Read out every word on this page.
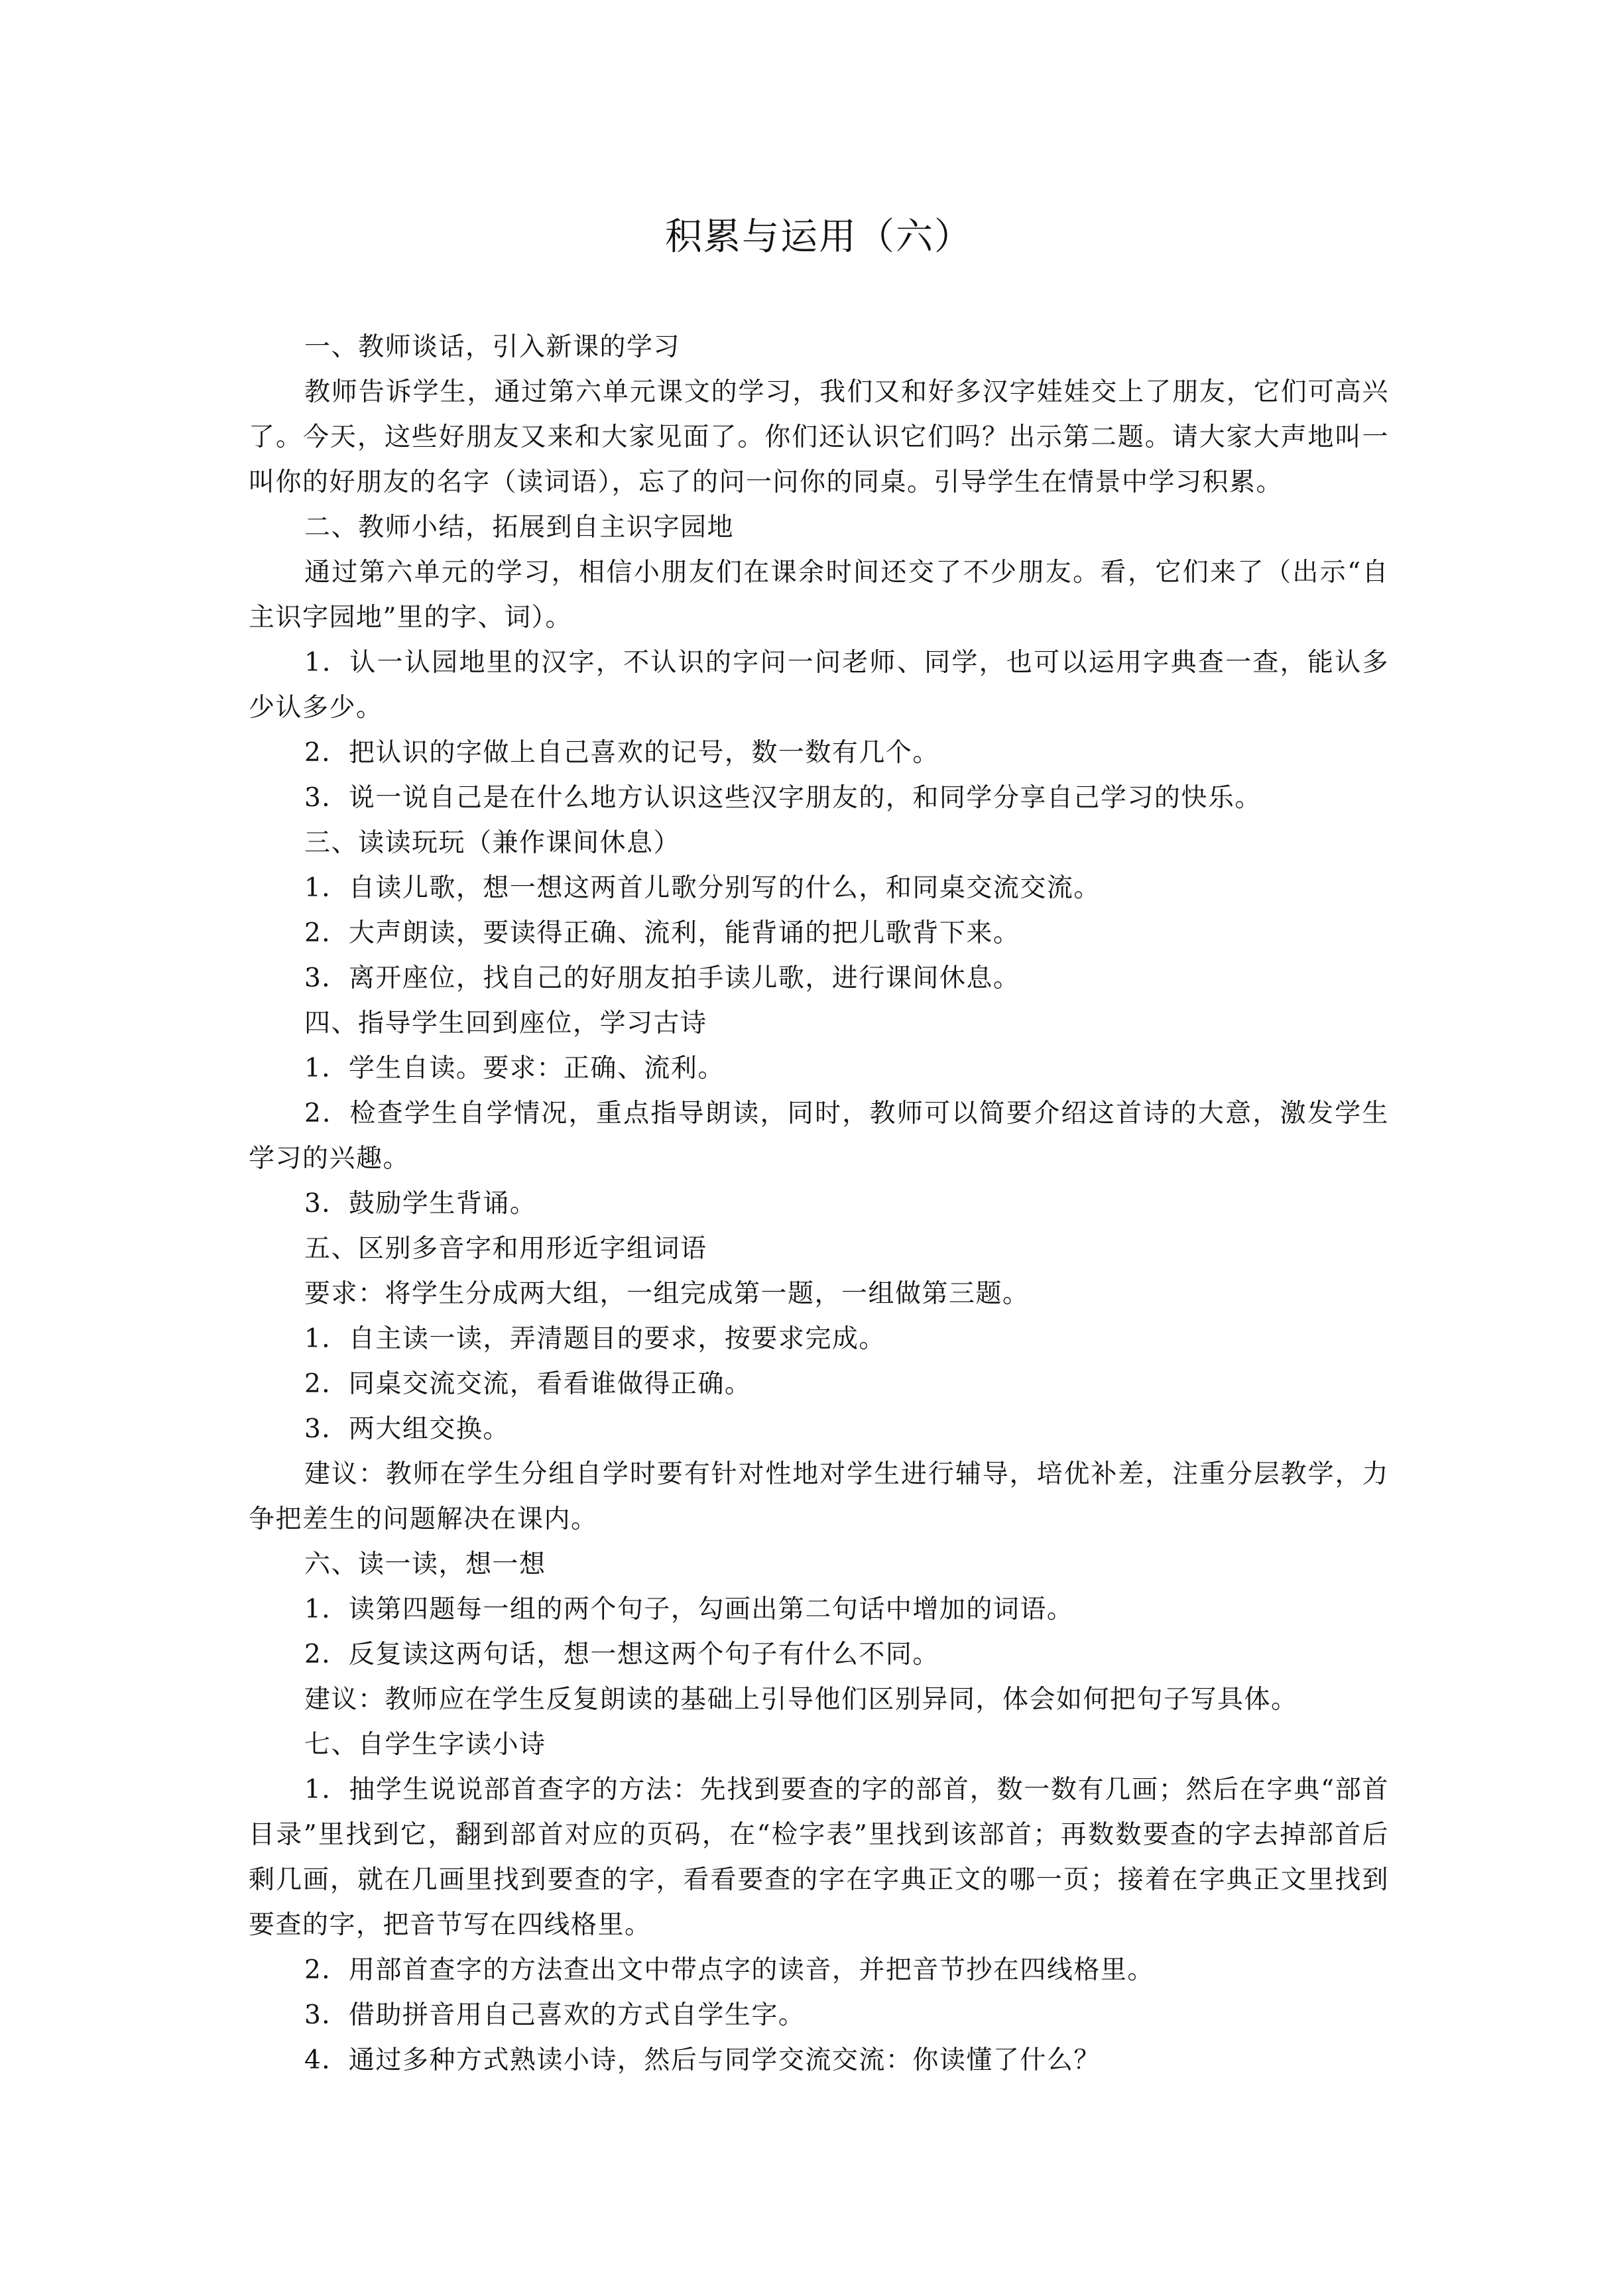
积累与运用（六）

一、教师谈话，引入新课的学习

教师告诉学生，通过第六单元课文的学习，我们又和好多汉字娃娃交上了朋友，它们可高兴了。今天，这些好朋友又来和大家见面了。你们还认识它们吗？出示第二题。请大家大声地叫一叫你的好朋友的名字（读词语），忘了的问一问你的同桌。引导学生在情景中学习积累。

二、教师小结，拓展到自主识字园地

通过第六单元的学习，相信小朋友们在课余时间还交了不少朋友。看，它们来了（出示“自主识字园地”里的字、词）。

1．认一认园地里的汉字，不认识的字问一问老师、同学，也可以运用字典查一查，能认多少认多少。

2．把认识的字做上自己喜欢的记号，数一数有几个。

3．说一说自己是在什么地方认识这些汉字朋友的，和同学分享自己学习的快乐。

三、读读玩玩（兼作课间休息）

1．自读儿歌，想一想这两首儿歌分别写的什么，和同桌交流交流。

2．大声朗读，要读得正确、流利，能背诵的把儿歌背下来。

3．离开座位，找自己的好朋友拍手读儿歌，进行课间休息。

四、指导学生回到座位，学习古诗

1．学生自读。要求：正确、流利。

2．检查学生自学情况，重点指导朗读，同时，教师可以简要介绍这首诗的大意，激发学生学习的兴趣。

3．鼓励学生背诵。

五、区别多音字和用形近字组词语

要求：将学生分成两大组，一组完成第一题，一组做第三题。

1．自主读一读，弄清题目的要求，按要求完成。

2．同桌交流交流，看看谁做得正确。

3．两大组交换。

建议：教师在学生分组自学时要有针对性地对学生进行辅导，培优补差，注重分层教学，力争把差生的问题解决在课内。

六、读一读，想一想

1．读第四题每一组的两个句子，勾画出第二句话中增加的词语。

2．反复读这两句话，想一想这两个句子有什么不同。

建议：教师应在学生反复朗读的基础上引导他们区别异同，体会如何把句子写具体。

七、自学生字读小诗

1．抽学生说说部首查字的方法：先找到要查的字的部首，数一数有几画；然后在字典“部首目录”里找到它，翻到部首对应的页码，在“检字表”里找到该部首；再数数要查的字去掉部首后剩几画，就在几画里找到要查的字，看看要查的字在字典正文的哪一页；接着在字典正文里找到要查的字，把音节写在四线格里。

2．用部首查字的方法查出文中带点字的读音，并把音节抄在四线格里。

3．借助拼音用自己喜欢的方式自学生字。

4．通过多种方式熟读小诗，然后与同学交流交流：你读懂了什么？
